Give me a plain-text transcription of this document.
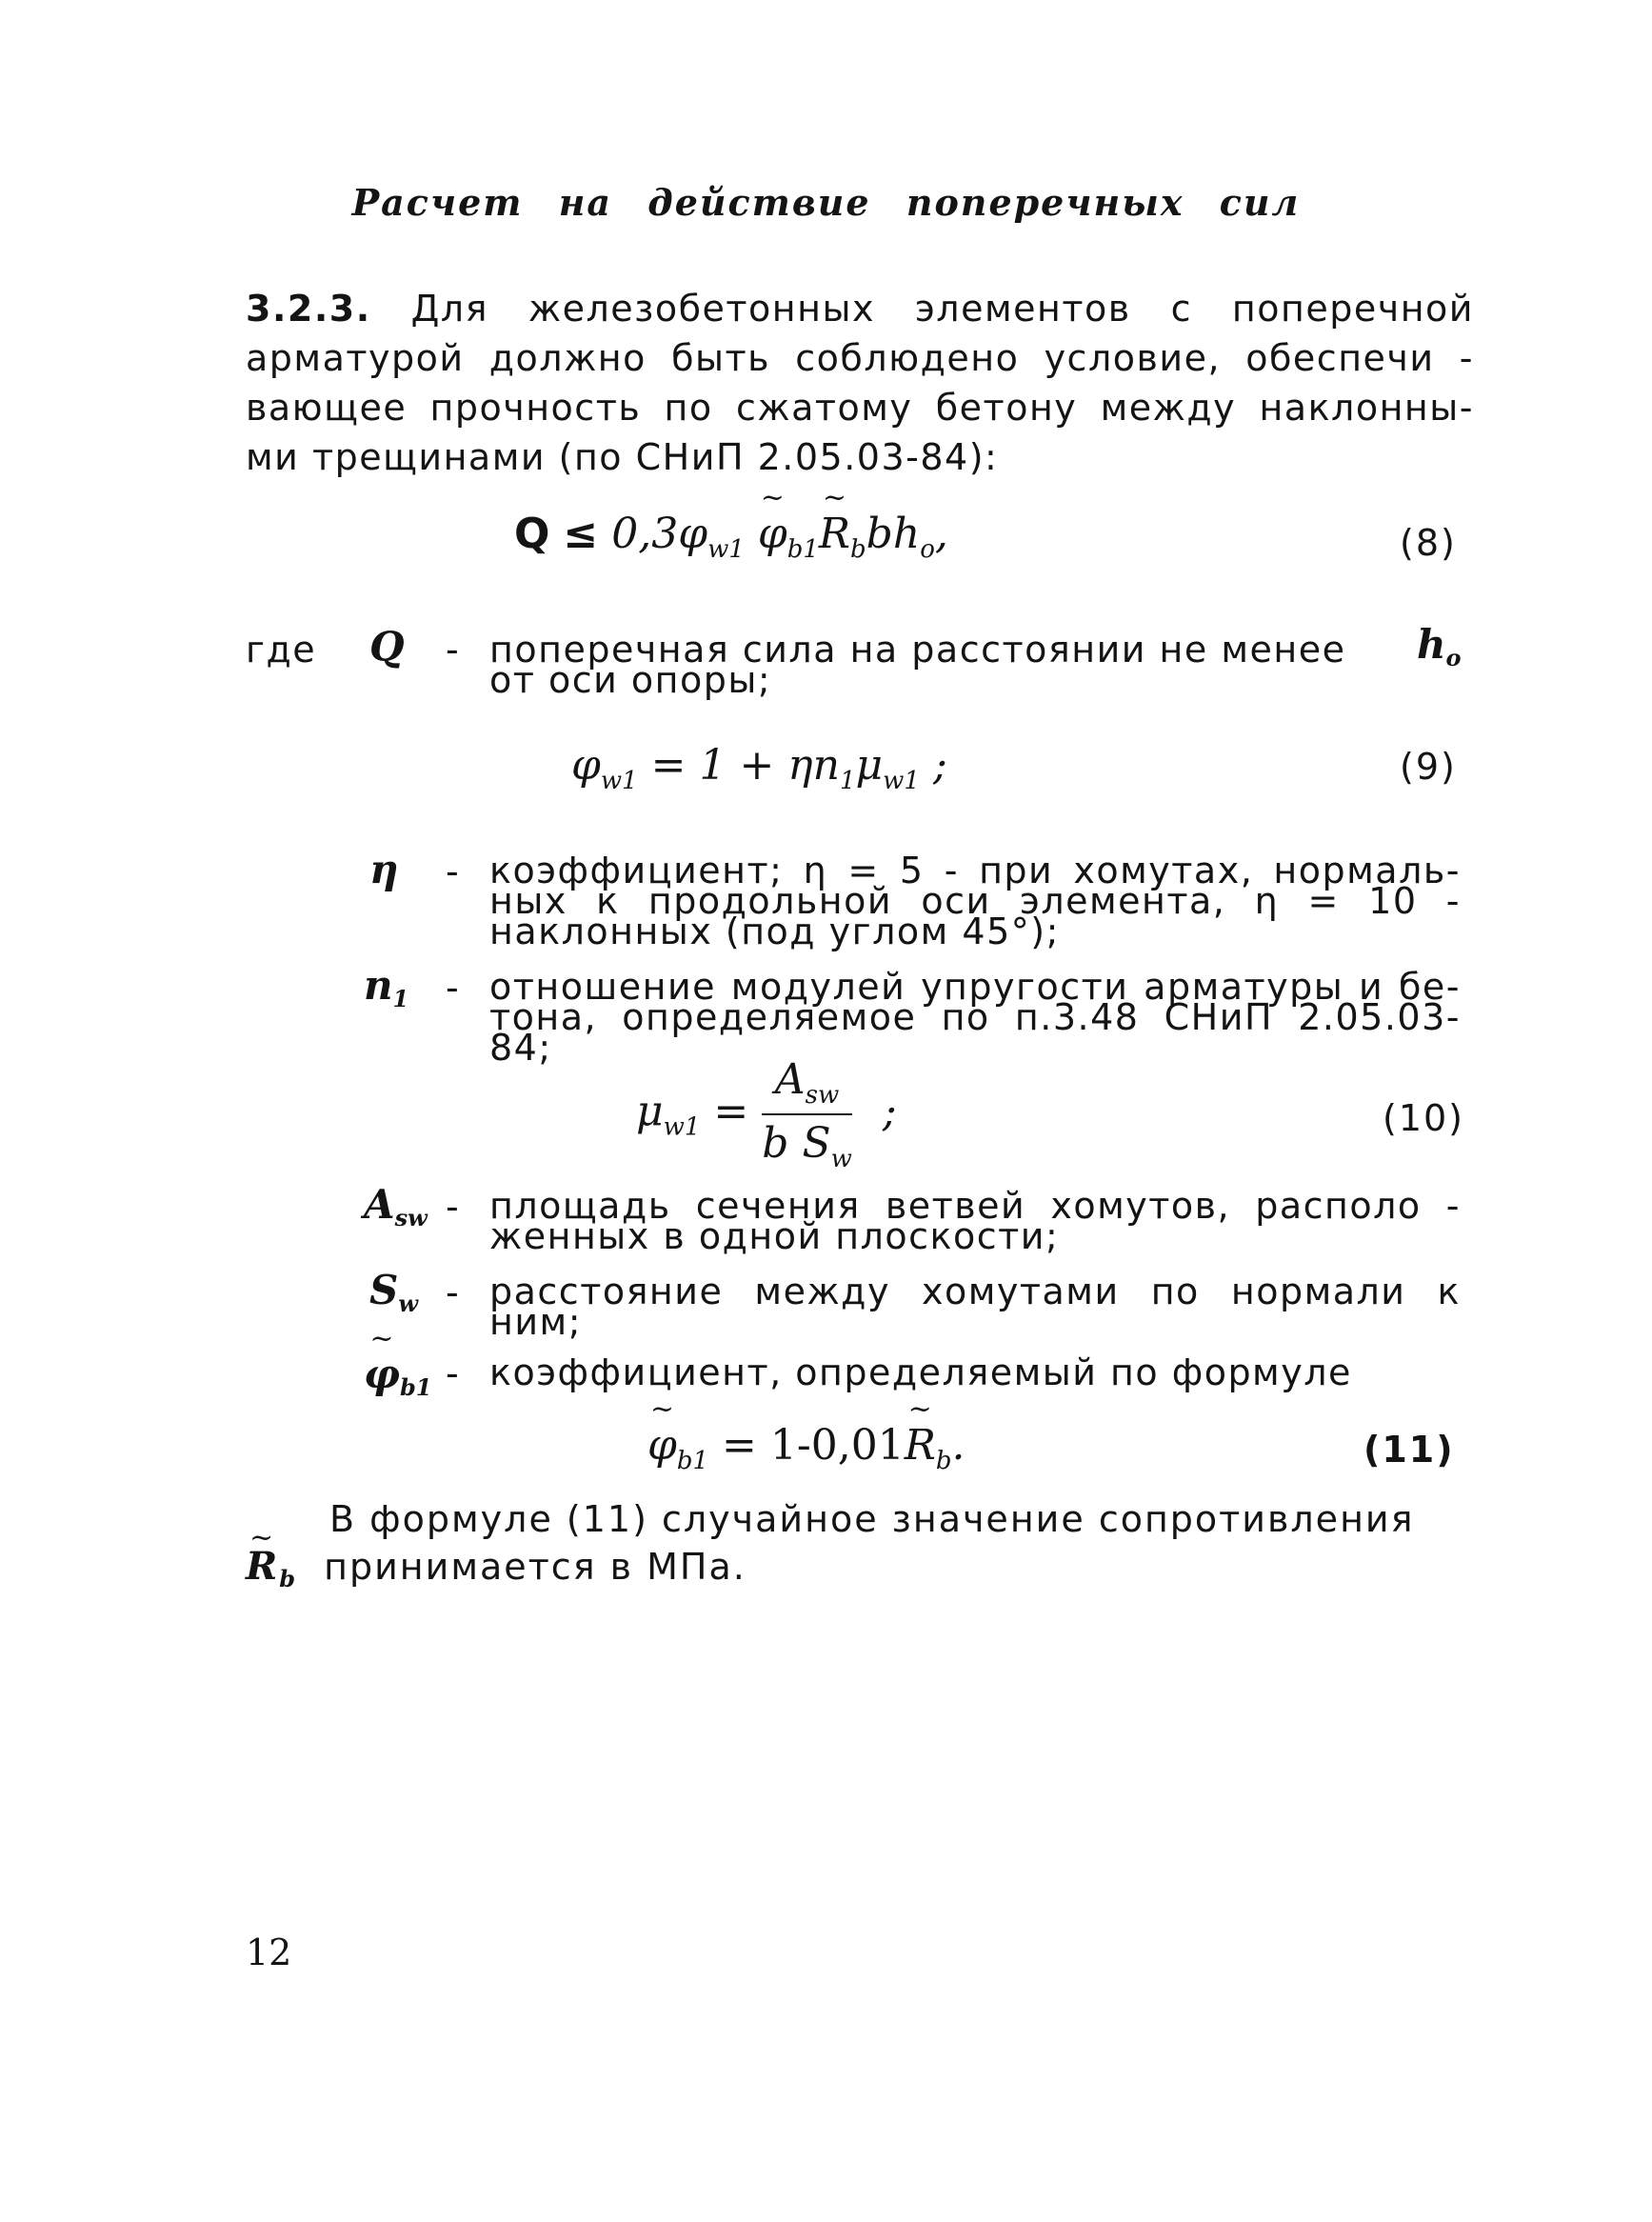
Расчет на действие поперечных сил
3.2.3. Для железобетонных элементов с поперечной арматурой должно быть соблюдено условие, обеспечи - вающее прочность по сжатому бетону между наклонны- ми трещинами (по СНиП 2.05.03-84):
$Q \le 0,3\varphi_{w1}$ ~ $\varphi_{b1}\sim$ $R_bbh_o$,	(8)
где Q - поперечная сила на расстоянии не менее
от оси опоры;
$h_o$
$\varphi_{w1} = 1 + \eta n_1\mu_{w1}$ ;	(9)
η - коэффициент; η = 5 - при хомутах, нормаль- ных к продольной оси элемента, η = 10 - наклонных (под углом 45°);
$n_1$ - отношение модулей упругости арматуры и бе- тона, определяемое по п.3.48 СНиП 2.05.03-84;
$\mu_{w1} = \frac{A_{sw}}{b S_w}$ ;	(10)
$A_{sw}$ - площадь сечения ветвей хомутов, располо - женных в одной плоскости;
$S_w$ - расстояние между хомутами по нормали к ним;
~ $\varphi_{b1}$ - коэффициент, определяемый по формуле
~ $\varphi_{b1}$ = 1-0,01~ $R_b$.	(11)
В формуле (11) случайное значение сопротивления
~ $R_b$ принимается в МПа.
12
